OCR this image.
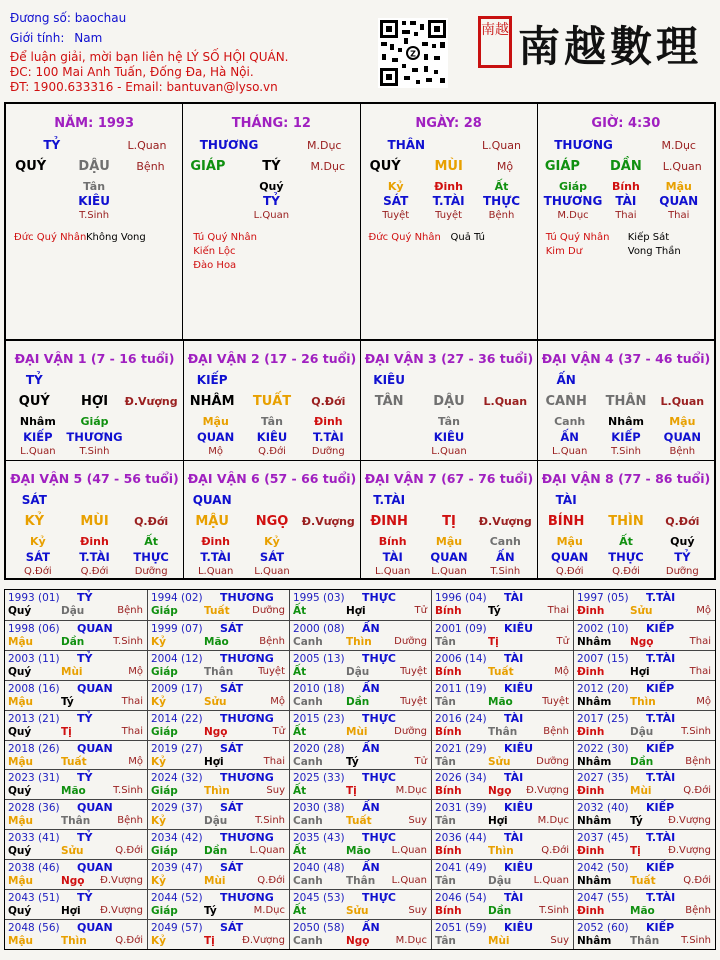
Đương số: baochau
Giới tính: Nam
Để luận giải, mời bạn liên hệ LÝ SỐ HỘI QUÁN.
ĐC: 100 Mai Anh Tuấn, Đống Đa, Hà Nội.
ĐT: 1900.633316 - Email: bantuvan@lyso.vn
Z
南越 南越數理
NĂM: 1993
TỶ	L.Quan
QUÝ DẬU Bệnh
Tân
KIÊU
T.Sinh
Đức Quý Nhân Không Vong
THÁNG: 12
THƯƠNG	M.Dục
GIÁP	TÝ	M.Dục
Quý
TỶ
L.Quan
Tú Quý Nhân
Kiến Lộc
Đào Hoa
NGÀY: 28
THÂN	L.Quan
QUÝ	MÙI	Mộ
Kỷ
SÁT
Tuyệt
Đinh
T.TÀI
Tuyệt
Ất
THỰC
Bệnh
Đức Quý Nhân Quả Tú
GIỜ: 4:30
THƯƠNG	M.Dục
GIÁP DẦN L.Quan
Giáp
THƯƠNG
M.Dục
Bính
TÀI
Thai
Mậu
QUAN
Thai
Tú Quý Nhân Kiếp Sát
Kim Dư	Vong Thần
ĐẠI VẬN 1 (7 - 16 tuổi)
TỶ
QUÝ HỢI Đ.Vượng
Nhâm
KIẾP
L.Quan
Giáp
THƯƠNG
T.Sinh
ĐẠI VẬN 2 (17 - 26 tuổi)
KIẾP
NHÂM TUẤT Q.Đới
Mậu
QUAN
Mộ
Tân
KIÊU
Q.Đới
Đinh
T.TÀI
Dưỡng
ĐẠI VẬN 3 (27 - 36 tuổi)
KIÊU
TÂN DẬU L.Quan
Tân
KIÊU
L.Quan
ĐẠI VẬN 4 (37 - 46 tuổi)
ẤN
CANH THÂN L.Quan
Canh
ẤN
L.Quan
Nhâm
KIẾP
T.Sinh
Mậu
QUAN
Bệnh
ĐẠI VẬN 5 (47 - 56 tuổi)
SÁT
KỶ	MÙI Q.Đới
Kỷ
SÁT
Q.Đới
Đinh
T.TÀI
Q.Đới
Ất
THỰC
Dưỡng
ĐẠI VẬN 6 (57 - 66 tuổi)
QUAN
MẬU NGỌ Đ.Vượng
Đinh
T.TÀI
L.Quan
Kỷ
SÁT
L.Quan
ĐẠI VẬN 7 (67 - 76 tuổi)
T.TÀI
ĐINH	TỊ Đ.Vượng
Bính
TÀI
L.Quan
Mậu
QUAN
L.Quan
Canh
ẤN
T.Sinh
ĐẠI VẬN 8 (77 - 86 tuổi)
TÀI
BÍNH THÌN Q.Đới
Mậu
QUAN
Q.Đới
Ất
THỰC
Q.Đới
Quý
TỶ
Dưỡng
1993 (01) TỶ
Quý	Dậu	Bệnh
1994 (02) THƯƠNG
Giáp Tuất Dưỡng
1995 (03) THỰC
Ất	Hợi	Tử
1996 (04) TÀI
Bính	Tý	Thai
1997 (05) T.TÀI
Đinh Sửu	Mộ
1998 (06) QUAN
Mậu	Dần	T.Sinh
1999 (07) SÁT
Kỷ	Mão	Bệnh
2000 (08) ẤN
Canh Thìn Dưỡng
2001 (09) KIÊU
Tân	Tị	Tử
2002 (10) KIẾP
Nhâm Ngọ	Thai
2003 (11) TỶ
Quý	Mùi	Mộ
2004 (12) THƯƠNG
Giáp Thân Tuyệt
2005 (13) THỰC
Ất	Dậu	Tuyệt
2006 (14) TÀI
Bính	Tuất	Mộ
2007 (15) T.TÀI
Đinh Hợi	Thai
2008 (16) QUAN
Mậu	Tý	Thai
2009 (17) SÁT
Kỷ	Sửu	Mộ
2010 (18) ẤN
Canh Dần	Tuyệt
2011 (19) KIÊU
Tân	Mão	Tuyệt
2012 (20) KIẾP
Nhâm Thìn	Mộ
2013 (21) TỶ
Quý	Tị	Thai
2014 (22) THƯƠNG
Giáp Ngọ	Tử
2015 (23) THỰC
Ất	Mùi	Dưỡng
2016 (24) TÀI
Bính	Thân	Bệnh
2017 (25) T.TÀI
Đinh Dậu	T.Sinh
2018 (26) QUAN
Mậu	Tuất	Mộ
2019 (27) SÁT
Kỷ	Hợi	Thai
2020 (28) ẤN
Canh Tý	Tử
2021 (29) KIÊU
Tân	Sửu	Dưỡng
2022 (30) KIẾP
Nhâm Dần	Bệnh
2023 (31) TỶ
Quý	Mão	T.Sinh
2024 (32) THƯƠNG
Giáp Thìn	Suy
2025 (33) THỰC
Ất	Tị	M.Dục
2026 (34) TÀI
Bính	Ngọ Đ.Vượng
2027 (35) T.TÀI
Đinh Mùi	Q.Đới
2028 (36) QUAN
Mậu	Thân	Bệnh
2029 (37) SÁT
Kỷ	Dậu	T.Sinh
2030 (38) ẤN
Canh Tuất	Suy
2031 (39) KIÊU
Tân	Hợi	M.Dục
2032 (40) KIẾP
Nhâm Tý	Đ.Vượng
2033 (41) TỶ
Quý	Sửu	Q.Đới
2034 (42) THƯƠNG
Giáp Dần L.Quan
2035 (43) THỰC
Ất	Mão L.Quan
2036 (44) TÀI
Bính	Thìn	Q.Đới
2037 (45) T.TÀI
Đinh Tị	Đ.Vượng
2038 (46) QUAN
Mậu	Ngọ Đ.Vượng
2039 (47) SÁT
Kỷ	Mùi	Q.Đới
2040 (48) ẤN
Canh Thân L.Quan
2041 (49) KIÊU
Tân	Dậu L.Quan
2042 (50) KIẾP
Nhâm Tuất	Q.Đới
2043 (51) TỶ
Quý	Hợi Đ.Vượng
2044 (52) THƯƠNG
Giáp Tý	M.Dục
2045 (53) THỰC
Ất	Sửu	Suy
2046 (54) TÀI
Bính	Dần	T.Sinh
2047 (55) T.TÀI
Đinh Mão	Bệnh
2048 (56) QUAN
Mậu	Thìn	Q.Đới
2049 (57) SÁT
Kỷ	Tị	Đ.Vượng
2050 (58) ẤN
Canh Ngọ	M.Dục
2051 (59) KIÊU
Tân	Mùi	Suy
2052 (60) KIẾP
Nhâm Thân T.Sinh
